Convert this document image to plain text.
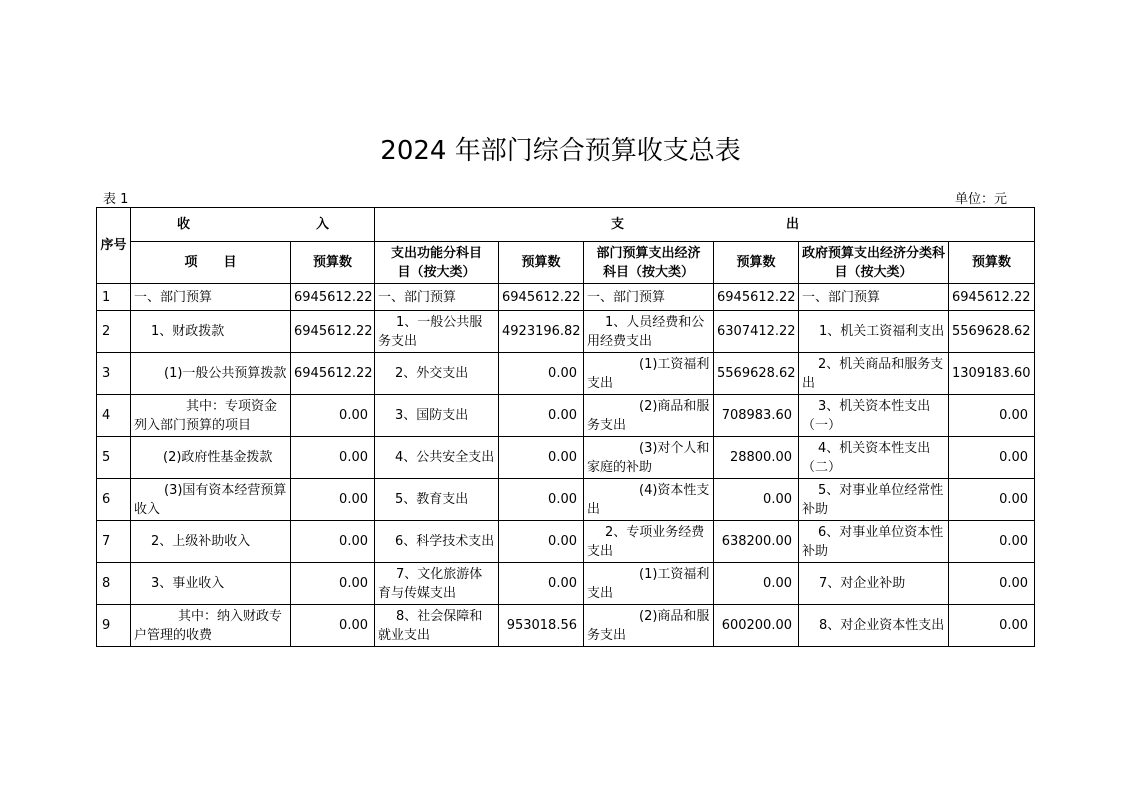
2024 年部门综合预算收支总表
表 1	单位：元
序号	收 入		支 出					

	项　　目	预算数	支出功能分科目目（按大类）	预算数	部门预算支出经济科目（按大类）	预算数	政府预算支出经济分类科目（按大类）	预算数
1	一、部门预算	6945612.22	一、部门预算	6945612.22	一、部门预算	6945612.22	一、部门预算	6945612.22
2	1、财政拨款	6945612.22	1、一般公共服务支出	4923196.82	1、人员经费和公用经费支出	6307412.22	1、机关工资福利支出	5569628.62
3	(1)一般公共预算拨款	6945612.22	2、外交支出	0.00	(1)工资福利支出	5569628.62	2、机关商品和服务支出	1309183.60
4	其中：专项资金列入部门预算的项目	0.00	3、国防支出	0.00	(2)商品和服务支出	708983.60	3、机关资本性支出（一）	0.00
5	(2)政府性基金拨款	0.00	4、公共安全支出	0.00	(3)对个人和家庭的补助	28800.00	4、机关资本性支出（二）	0.00
6	(3)国有资本经营预算收入	0.00	5、教育支出	0.00	(4)资本性支出	0.00	5、对事业单位经常性补助	0.00
7	2、上级补助收入	0.00	6、科学技术支出	0.00	2、专项业务经费支出	638200.00	6、对事业单位资本性补助	0.00
8	3、事业收入	0.00	7、文化旅游体育与传媒支出	0.00	(1)工资福利支出	0.00	7、对企业补助	0.00
9	其中：纳入财政专户管理的收费	0.00	8、社会保障和就业支出	953018.56	(2)商品和服务支出	600200.00	8、对企业资本性支出	0.00
